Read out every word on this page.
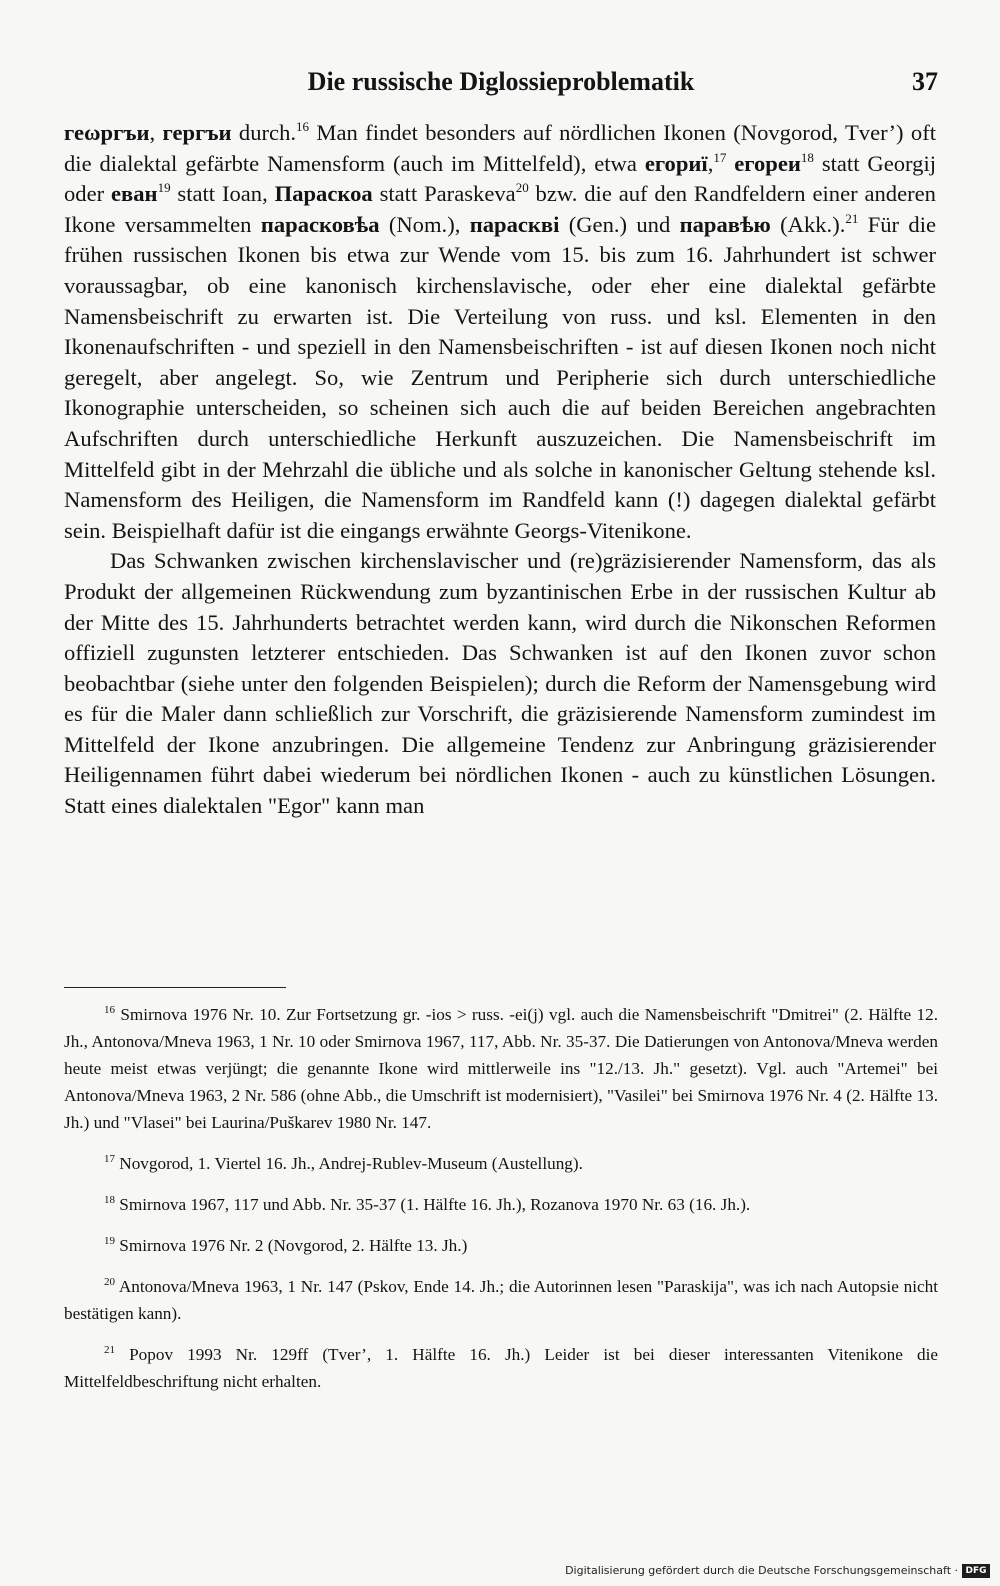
Die russische Diglossieproblematik	37

геωргъи, гергъи durch.$^{16}$ Man findet besonders auf nördlichen Ikonen (Novgorod, Tver’) oft die dialektal gefärbte Namensform (auch im Mittelfeld), etwa егориї,$^{17}$ егореи$^{18}$ statt Georgij oder еван$^{19}$ statt Ioan, Параскоа statt Paraskeva$^{20}$ bzw. die auf den Randfeldern einer anderen Ikone versammelten парасковѣа (Nom.), параскві (Gen.) und паравѣю (Akk.).$^{21}$ Für die frühen russischen Ikonen bis etwa zur Wende vom 15. bis zum 16. Jahrhundert ist schwer voraussagbar, ob eine kanonisch kirchenslavische, oder eher eine dialektal gefärbte Namensbeischrift zu erwarten ist. Die Verteilung von russ. und ksl. Elementen in den Ikonenaufschriften - und speziell in den Namensbeischriften - ist auf diesen Ikonen noch nicht geregelt, aber angelegt. So, wie Zentrum und Peripherie sich durch unterschiedliche Ikonographie unterscheiden, so scheinen sich auch die auf beiden Bereichen angebrachten Aufschriften durch unterschiedliche Herkunft auszuzeichen. Die Namensbeischrift im Mittelfeld gibt in der Mehrzahl die übliche und als solche in kanonischer Geltung stehende ksl. Namensform des Heiligen, die Namensform im Randfeld kann (!) dagegen dialektal gefärbt sein. Beispielhaft dafür ist die eingangs erwähnte Georgs-Vitenikone.

Das Schwanken zwischen kirchenslavischer und (re)gräzisierender Namensform, das als Produkt der allgemeinen Rückwendung zum byzantinischen Erbe in der russischen Kultur ab der Mitte des 15. Jahrhunderts betrachtet werden kann, wird durch die Nikonschen Reformen offiziell zugunsten letzterer entschieden. Das Schwanken ist auf den Ikonen zuvor schon beobachtbar (siehe unter den folgenden Beispielen); durch die Reform der Namensgebung wird es für die Maler dann schließlich zur Vorschrift, die gräzisierende Namensform zumindest im Mittelfeld der Ikone anzubringen. Die allgemeine Tendenz zur Anbringung gräzisierender Heiligennamen führt dabei wiederum bei nördlichen Ikonen - auch zu künstlichen Lösungen. Statt eines dialektalen "Egor" kann man

$^{16}$ Smirnova 1976 Nr. 10. Zur Fortsetzung gr. -ios > russ. -ei(j) vgl. auch die Namensbeischrift "Dmitrei" (2. Hälfte 12. Jh., Antonova/Mneva 1963, 1 Nr. 10 oder Smirnova 1967, 117, Abb. Nr. 35-37. Die Datierungen von Antonova/Mneva werden heute meist etwas verjüngt; die genannte Ikone wird mittlerweile ins "12./13. Jh." gesetzt). Vgl. auch "Artemei" bei Antonova/Mneva 1963, 2 Nr. 586 (ohne Abb., die Umschrift ist modernisiert), "Vasilei" bei Smirnova 1976 Nr. 4 (2. Hälfte 13. Jh.) und "Vlasei" bei Laurina/Puškarev 1980 Nr. 147.

$^{17}$ Novgorod, 1. Viertel 16. Jh., Andrej-Rublev-Museum (Austellung).

$^{18}$ Smirnova 1967, 117 und Abb. Nr. 35-37 (1. Hälfte 16. Jh.), Rozanova 1970 Nr. 63 (16. Jh.).

$^{19}$ Smirnova 1976 Nr. 2 (Novgorod, 2. Hälfte 13. Jh.)

$^{20}$ Antonova/Mneva 1963, 1 Nr. 147 (Pskov, Ende 14. Jh.; die Autorinnen lesen "Paraskija", was ich nach Autopsie nicht bestätigen kann).

$^{21}$ Popov 1993 Nr. 129ff (Tver’, 1. Hälfte 16. Jh.) Leider ist bei dieser interessanten Vitenikone die Mittelfeldbeschriftung nicht erhalten.

Digitalisierung gefördert durch die Deutsche Forschungsgemeinschaft · DFG
